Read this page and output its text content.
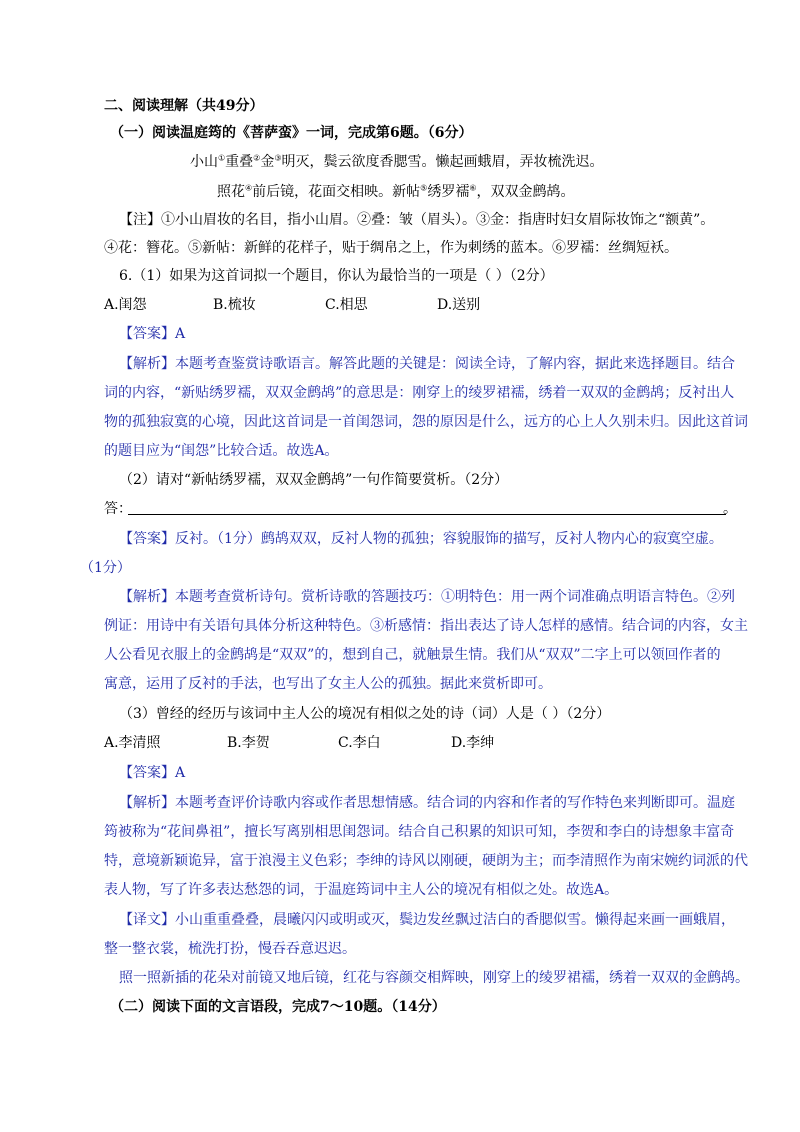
二、阅读理解（共49分）
（一）阅读温庭筠的《菩萨蛮》一词，完成第6题。（6分）
小山①重叠②金③明灭，鬓云欲度香腮雪。懒起画蛾眉，弄妆梳洗迟。
照花④前后镜，花面交相映。新帖⑤绣罗襦⑥，双双金鹧鸪。
【注】①小山眉妆的名目，指小山眉。②叠：皱（眉头）。③金：指唐时妇女眉际妆饰之“额黄”。
④花：簪花。⑤新帖：新鲜的花样子，贴于绸帛之上，作为刺绣的蓝本。⑥罗襦：丝绸短袄。
6.（1）如果为这首词拟一个题目，你认为最恰当的一项是（ ）（2分）
A.闺怨	B.梳妆	C.相思	D.送别
【答案】A
【解析】本题考查鉴赏诗歌语言。解答此题的关键是：阅读全诗，了解内容，据此来选择题目。结合
词的内容，“新贴绣罗襦，双双金鹧鸪”的意思是：刚穿上的绫罗裙襦，绣着一双双的金鹧鸪；反衬出人
物的孤独寂寞的心境，因此这首词是一首闺怨词，怨的原因是什么，远方的心上人久别未归。因此这首词
的题目应为“闺怨”比较合适。故选A。
（2）请对“新帖绣罗襦，双双金鹧鸪”一句作简要赏析。（2分）
答：	。
【答案】反衬。（1分）鹧鸪双双，反衬人物的孤独；容貌服饰的描写，反衬人物内心的寂寞空虚。
（1分）
【解析】本题考查赏析诗句。赏析诗歌的答题技巧：①明特色：用一两个词准确点明语言特色。②列
例证：用诗中有关语句具体分析这种特色。③析感情：指出表达了诗人怎样的感情。结合词的内容，女主
人公看见衣服上的金鹧鸪是“双双”的，想到自己，就触景生情。我们从“双双”二字上可以领回作者的
寓意，运用了反衬的手法，也写出了女主人公的孤独。据此来赏析即可。
（3）曾经的经历与该词中主人公的境况有相似之处的诗（词）人是（ ）（2分）
A.李清照	B.李贺	C.李白	D.李绅
【答案】A
【解析】本题考查评价诗歌内容或作者思想情感。结合词的内容和作者的写作特色来判断即可。温庭
筠被称为“花间鼻祖”，擅长写离别相思闺怨词。结合自己积累的知识可知，李贺和李白的诗想象丰富奇
特，意境新颖诡异，富于浪漫主义色彩；李绅的诗风以刚硬，硬朗为主；而李清照作为南宋婉约词派的代
表人物，写了许多表达愁怨的词，于温庭筠词中主人公的境况有相似之处。故选A。
【译文】小山重重叠叠，晨曦闪闪或明或灭，鬓边发丝飘过洁白的香腮似雪。懒得起来画一画蛾眉，
整一整衣裳，梳洗打扮，慢吞吞意迟迟。
照一照新插的花朵对前镜又地后镜，红花与容颜交相辉映，刚穿上的绫罗裙襦，绣着一双双的金鹧鸪。
（二）阅读下面的文言语段，完成7～10题。（14分）
